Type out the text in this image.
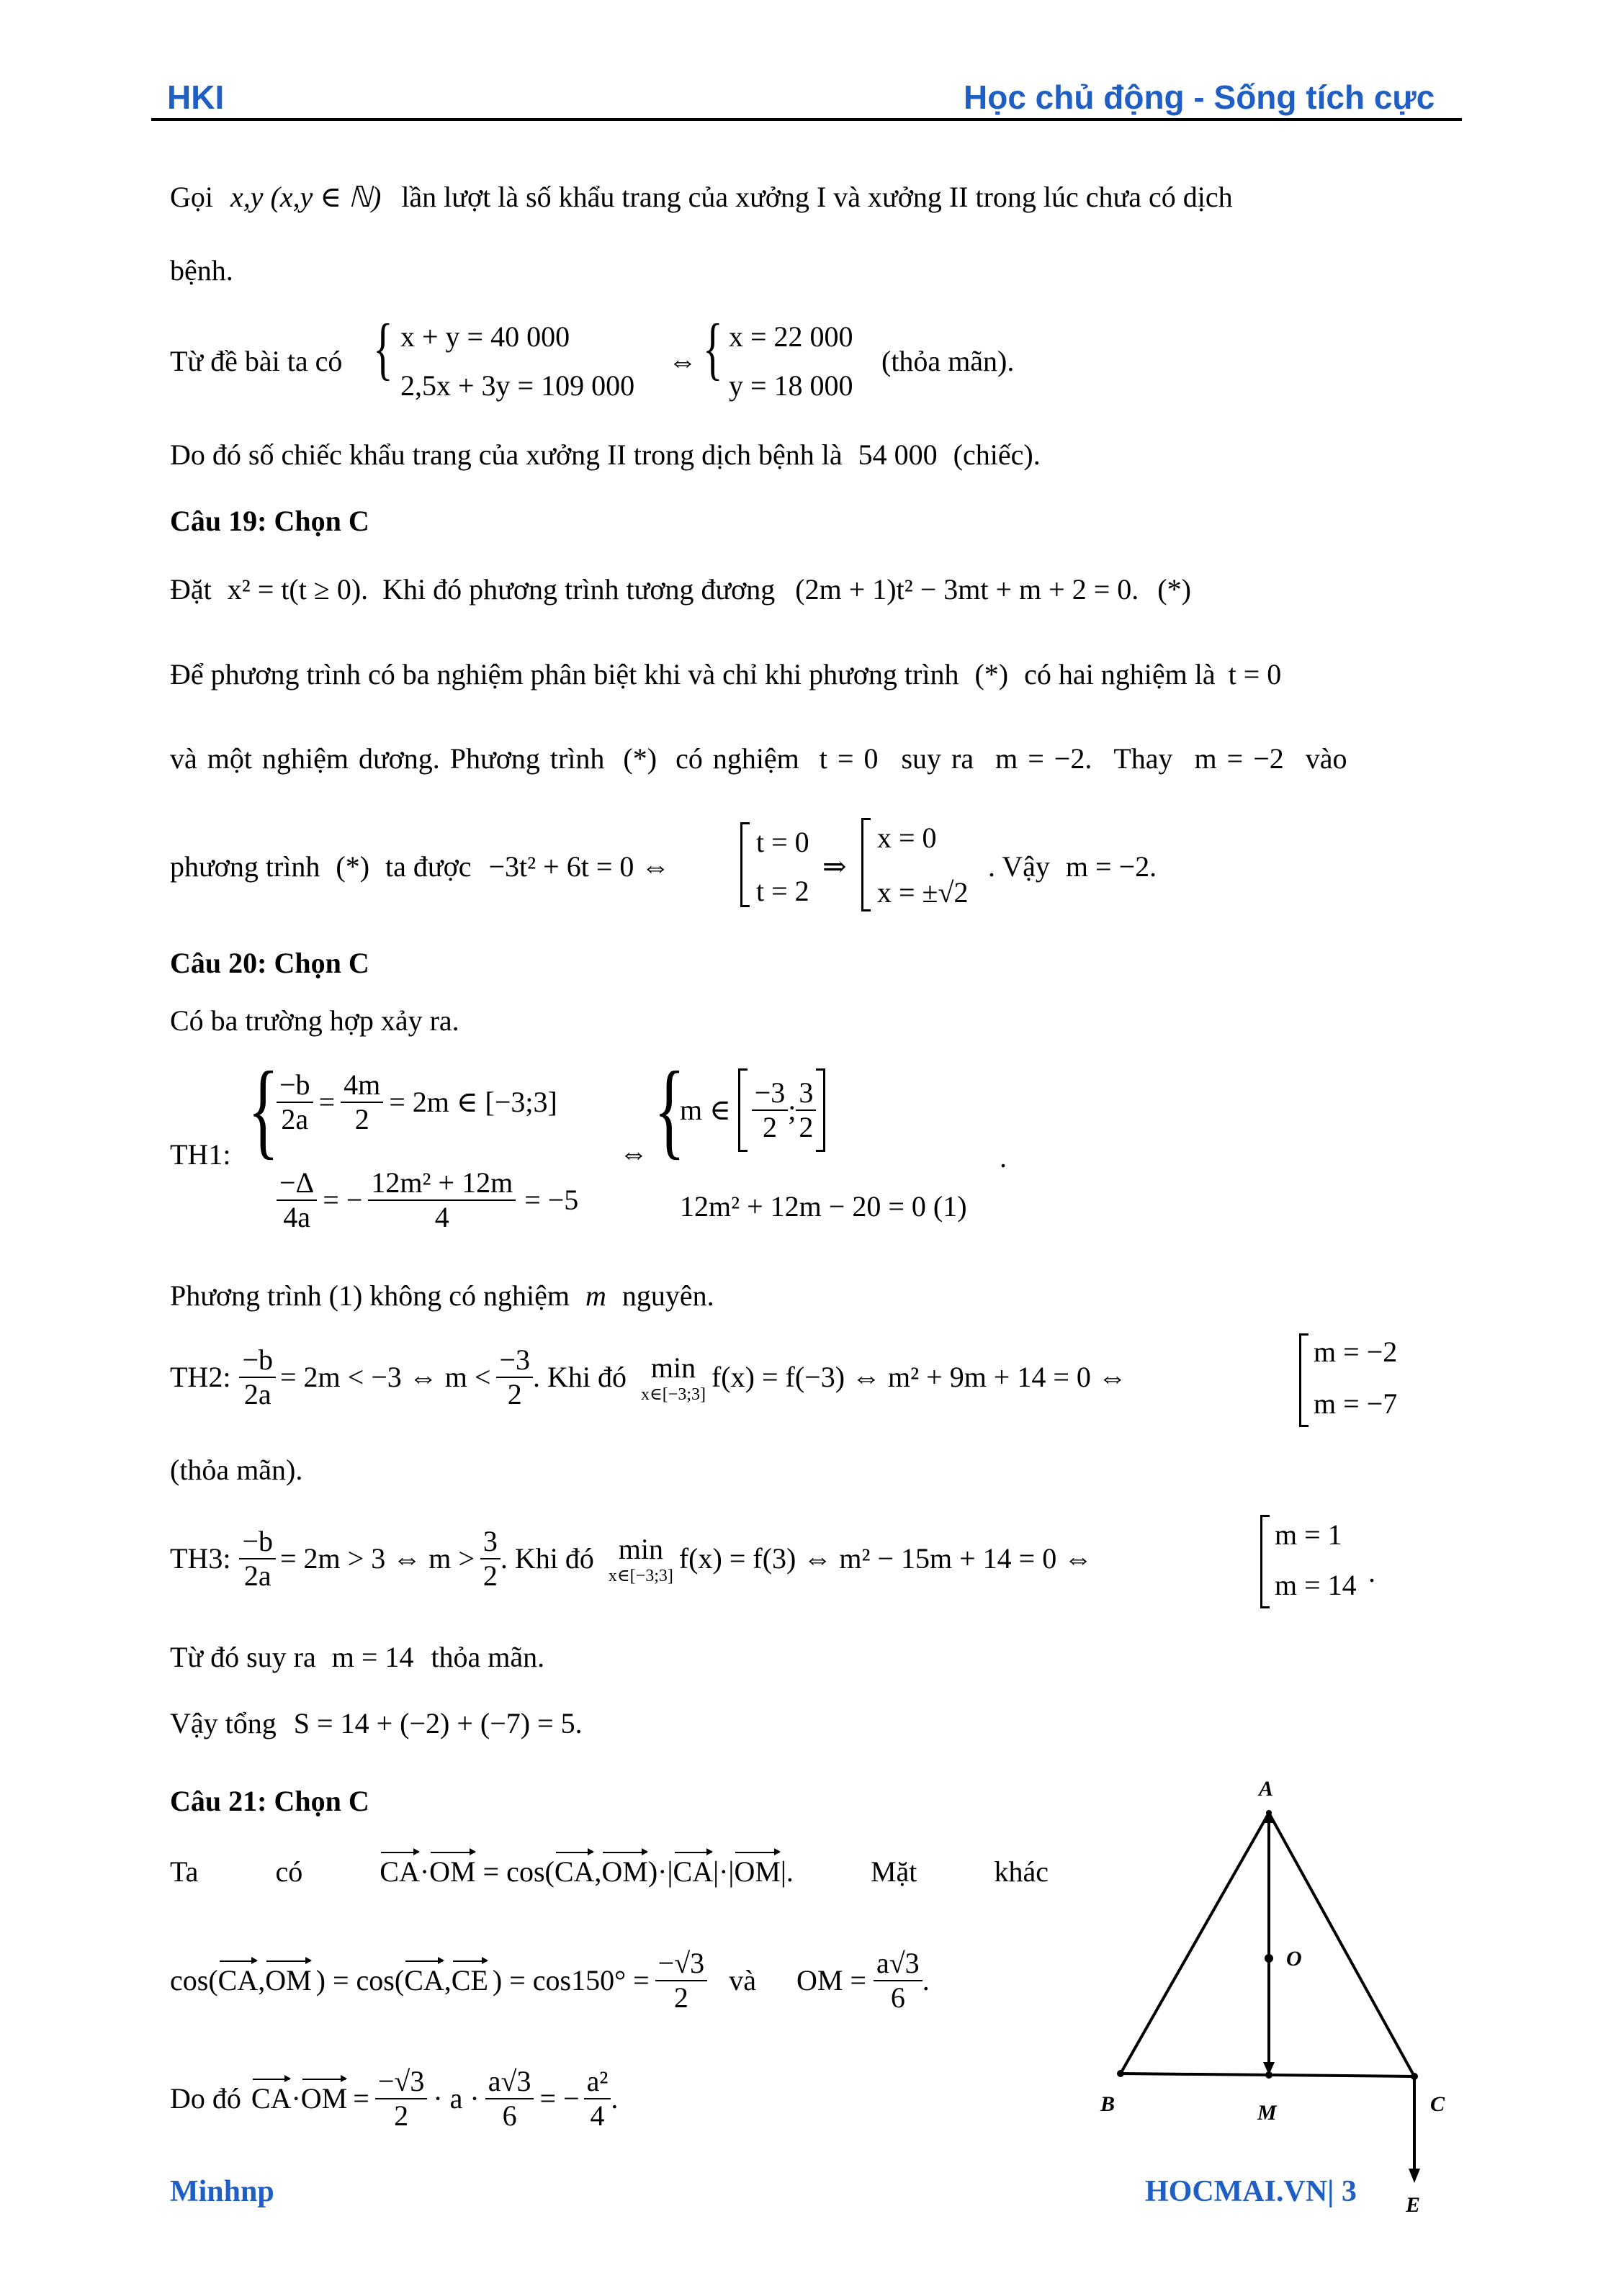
HKI	Học chủ động - Sống tích cực
Gọi x,y (x,y ∈ ℕ) lần lượt là số khẩu trang của xưởng I và xưởng II trong lúc chưa có dịch
bệnh.
Từ đề bài ta có { x + y = 40 000
2,5x + 3y = 109 000
⇔ { x = 22 000
y = 18 000
(thỏa mãn).
Do đó số chiếc khẩu trang của xưởng II trong dịch bệnh là 54 000 (chiếc).
Câu 19: Chọn C
Đặt x² = t(t ≥ 0). Khi đó phương trình tương đương (2m + 1)t² − 3mt + m + 2 = 0. (*)
Để phương trình có ba nghiệm phân biệt khi và chỉ khi phương trình (*) có hai nghiệm là t = 0
và một nghiệm dương. Phương trình (*) có nghiệm t = 0 suy ra m = −2. Thay m = −2 vào
phương trình (*) ta được −3t² + 6t = 0 ⇔
t = 0
t = 2
⇒
x = 0
x = ±√2
. Vậy m = −2.
Câu 20: Chọn C
Có ba trường hợp xảy ra.
TH1: {
$\frac{-b}{2a} = \frac{4m}{2} = 2m$ ∈ [−3;3]
$\frac{-\Delta}{4a}$ = − $\frac{\text{12m² + 12m}}{4} = -5$
⇔ {
m ∈ $\frac{-3}{2}$ ; $\frac{3}{2}$
12m² + 12m − 20 = 0 (1)
.
Phương trình (1) không có nghiệm m nguyên.
TH2: $\frac{-b}{2a} = 2m < -3$ ⇔ $m < \frac{-3}{2}$ . Khi đó min
x∈[−3;3]
f(x) = f(−3) ⇔ m² + 9m + 14 = 0 ⇔
m = −2
m = −7
(thỏa mãn).
TH3: $\frac{-b}{2a} = 2m > 3$ ⇔ $m > \frac{3}{2}$ . Khi đó min
x∈[−3;3]
f(x) = f(3) ⇔ m² − 15m + 14 = 0 ⇔
m = 1
m = 14 .
Từ đó suy ra m = 14 thỏa mãn.
Vậy tổng S = 14 + (−2) + (−7) = 5.
Câu 21: Chọn C
Ta	có	CA·OM = cos(CA,OM)·|CA|·|OM|.	Mặt	khác
cos( CA , OM ) = cos( CA , CE ) = $\cos 150^\circ = \frac{-√3}{2}$ và OM = $\frac{a√3}{6}$ .
Do đó CA · OM = $\frac{-√3}{2} \cdot a \cdot \frac{a√3}{6}$ = − $\frac{\text{a²}}{4}$ .
A
B	C
M
O
E
Minhnp	HOCMAI.VN| 3
